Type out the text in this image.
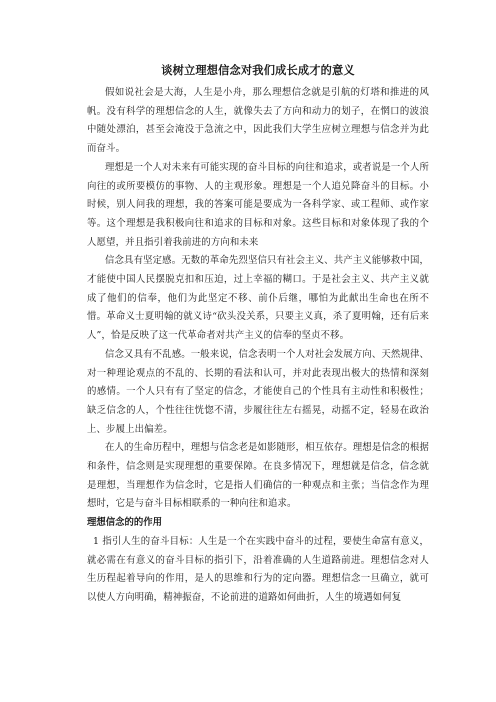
谈树立理想信念对我们成长成才的意义

假如说社会是大海，人生是小舟，那么理想信念就是引航的灯塔和推进的风帆。没有科学的理想信念的人生，就像失去了方向和动力的划子，在惘口的波浪中随处漂泊，甚至会淹没于急流之中，因此我们大学生应树立理想与信念并为此而奋斗。

理想是一个人对未来有可能实现的奋斗目标的向往和追求，或者说是一个人所向往的或所要模仿的事物、人的主观形象。理想是一个人追兑降奋斗的目标。小时候，别人问我的理想，我的答案可能是要成为一各科学家、或工程师、或作家等。这个理想是我积极向往和追求的目标和对象。这些目标和对象体现了我的个人愿望，并且指引着我前进的方向和未来

信念具有坚定感。无数的革命先烈坚信只有社会主义、共产主义能够救中国，才能使中国人民摆脱克扣和压迫，过上幸福的糊口。于是社会主义、共产主义就成了他们的信奉，他们为此坚定不移、前仆后继，哪怕为此献出生命也在所不惜。革命义士夏明翰的就义诗“砍头没关系，只要主义真，杀了夏明翰，还有后来人”，恰是反映了这一代革命者对共产主义的信奉的坚贞不移。

信念又具有不乱感。一般来说，信念表明一个人对社会发展方向、天然规律、对一种理论观点的不乱的、长期的看法和认可，并对此表现出极大的热情和深刻的感情。一个人只有有了坚定的信念，才能使自己的个性具有主动性和积极性；缺乏信念的人，个性往往恍惚不清，步履往往左右摇晃，动摇不定，轻易在政治上、步履上出偏差。

在人的生命历程中，理想与信念老是如影随形，相互依存。理想是信念的根据和条件，信念则是实现理想的重要保障。在良多情况下，理想就是信念，信念就是理想，当理想作为信念时，它是指人们确信的一种观点和主张；当信念作为理想时，它是与奋斗目标相联系的一种向往和追求。

理想信念的的作用

1 指引人生的奋斗目标：人生是一个在实践中奋斗的过程，要使生命富有意义，就必需在有意义的奋斗目标的指引下，沿着准确的人生道路前进。理想信念对人生历程起着导向的作用，是人的思维和行为的定向器。理想信念一旦确立，就可以使人方向明确，精神振奋，不论前进的道路如何曲折，人生的境遇如何复
